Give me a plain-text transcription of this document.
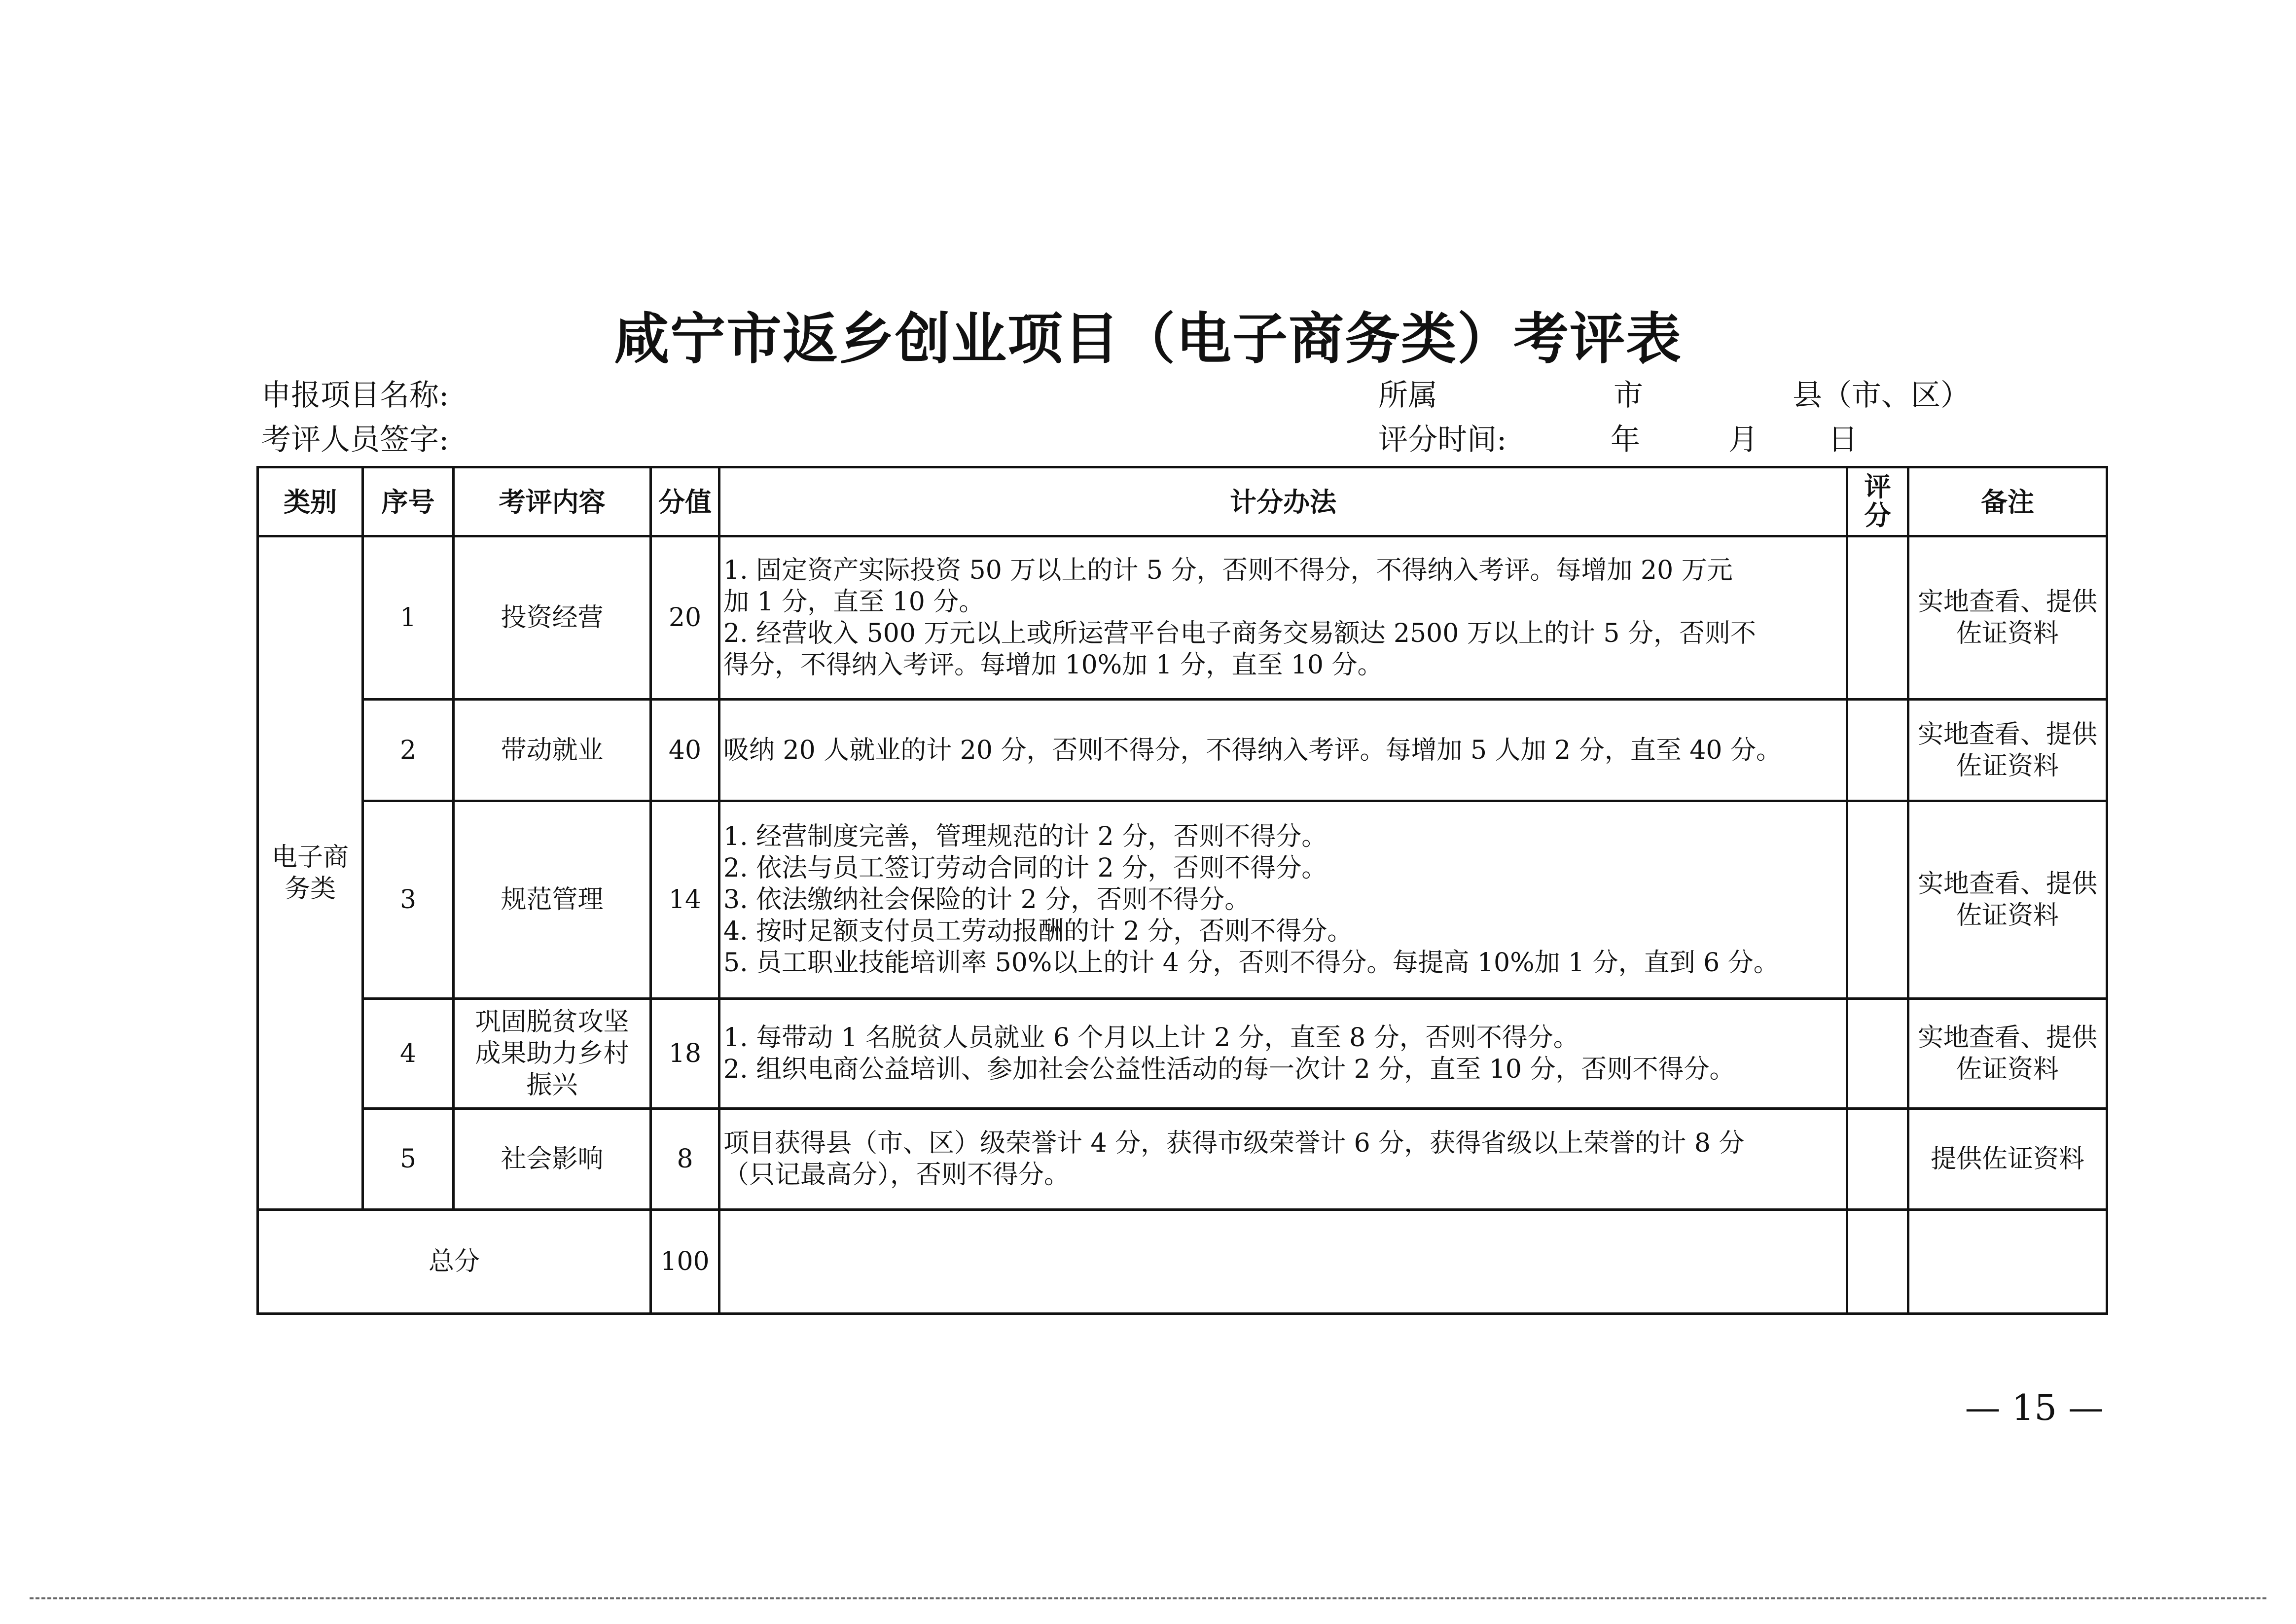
咸宁市返乡创业项目（电子商务类）考评表
申报项目名称:
考评人员签字:
所属	市	县（市、区）
评分时间:	年	月 日
类别	序号	考评内容	分值	计分办法	评分	备注
电子商务类	1	投资经营	20	1. 固定资产实际投资 50 万以上的计 5 分，否则不得分，不得纳入考评。每增加 20 万元
加 1 分，直至 10 分。
2. 经营收入 500 万元以上或所运营平台电子商务交易额达 2500 万以上的计 5 分，否则不
得分，不得纳入考评。每增加 10%加 1 分，直至 10 分。		实地查看、提供佐证资料
	2	带动就业	40	吸纳 20 人就业的计 20 分，否则不得分，不得纳入考评。每增加 5 人加 2 分，直至 40 分。		实地查看、提供佐证资料
	3	规范管理	14	1. 经营制度完善，管理规范的计 2 分，否则不得分。
2. 依法与员工签订劳动合同的计 2 分，否则不得分。
3. 依法缴纳社会保险的计 2 分，否则不得分。
4. 按时足额支付员工劳动报酬的计 2 分，否则不得分。
5. 员工职业技能培训率 50%以上的计 4 分，否则不得分。每提高 10%加 1 分，直到 6 分。		实地查看、提供佐证资料
	4	巩固脱贫攻坚成果助力乡村振兴	18	1. 每带动 1 名脱贫人员就业 6 个月以上计 2 分，直至 8 分，否则不得分。
2. 组织电商公益培训、参加社会公益性活动的每一次计 2 分，直至 10 分，否则不得分。		实地查看、提供佐证资料
	5	社会影响	8	项目获得县（市、区）级荣誉计 4 分，获得市级荣誉计 6 分，获得省级以上荣誉的计 8 分
（只记最高分），否则不得分。		提供佐证资料
总分			100			
— 15 —
